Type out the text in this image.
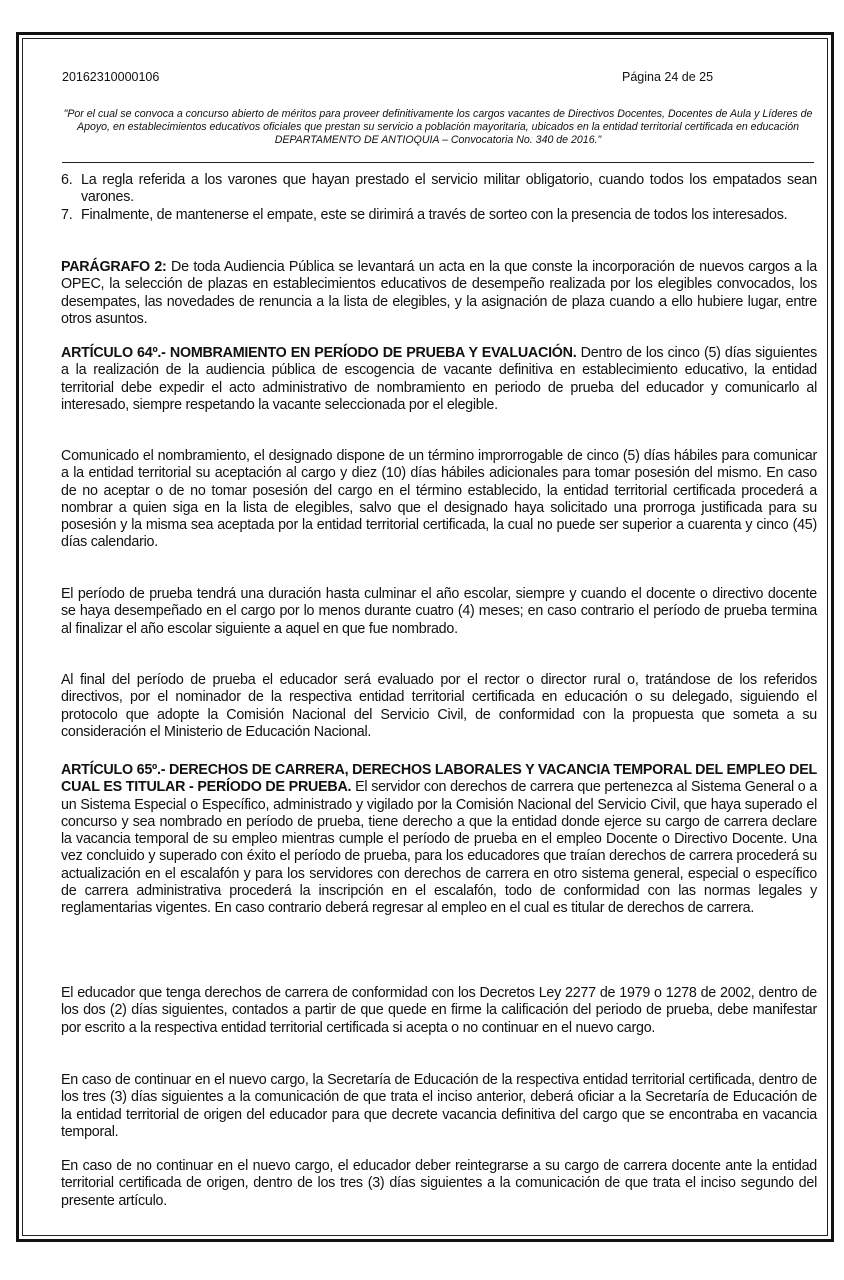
20162310000106	Página 24 de 25
"Por el cual se convoca a concurso abierto de méritos para proveer definitivamente los cargos vacantes de Directivos Docentes, Docentes de Aula y Líderes de Apoyo, en establecimientos educativos oficiales que prestan su servicio a población mayoritaria, ubicados en la entidad territorial certificada en educación DEPARTAMENTO DE ANTIOQUIA – Convocatoria No. 340 de 2016."
6. La regla referida a los varones que hayan prestado el servicio militar obligatorio, cuando todos los empatados sean varones.
7. Finalmente, de mantenerse el empate, este se dirimirá a través de sorteo con la presencia de todos los interesados.
PARÁGRAFO 2: De toda Audiencia Pública se levantará un acta en la que conste la incorporación de nuevos cargos a la OPEC, la selección de plazas en establecimientos educativos de desempeño realizada por los elegibles convocados, los desempates, las novedades de renuncia a la lista de elegibles, y la asignación de plaza cuando a ello hubiere lugar, entre otros asuntos.
ARTÍCULO 64º.- NOMBRAMIENTO EN PERÍODO DE PRUEBA Y EVALUACIÓN. Dentro de los cinco (5) días siguientes a la realización de la audiencia pública de escogencia de vacante definitiva en establecimiento educativo, la entidad territorial debe expedir el acto administrativo de nombramiento en periodo de prueba del educador y comunicarlo al interesado, siempre respetando la vacante seleccionada por el elegible.
Comunicado el nombramiento, el designado dispone de un término improrrogable de cinco (5) días hábiles para comunicar a la entidad territorial su aceptación al cargo y diez (10) días hábiles adicionales para tomar posesión del mismo. En caso de no aceptar o de no tomar posesión del cargo en el término establecido, la entidad territorial certificada procederá a nombrar a quien siga en la lista de elegibles, salvo que el designado haya solicitado una prorroga justificada para su posesión y la misma sea aceptada por la entidad territorial certificada, la cual no puede ser superior a cuarenta y cinco (45) días calendario.
El período de prueba tendrá una duración hasta culminar el año escolar, siempre y cuando el docente o directivo docente se haya desempeñado en el cargo por lo menos durante cuatro (4) meses; en caso contrario el período de prueba termina al finalizar el año escolar siguiente a aquel en que fue nombrado.
Al final del período de prueba el educador será evaluado por el rector o director rural o, tratándose de los referidos directivos, por el nominador de la respectiva entidad territorial certificada en educación o su delegado, siguiendo el protocolo que adopte la Comisión Nacional del Servicio Civil, de conformidad con la propuesta que someta a su consideración el Ministerio de Educación Nacional.
ARTÍCULO 65º.- DERECHOS DE CARRERA, DERECHOS LABORALES Y VACANCIA TEMPORAL DEL EMPLEO DEL CUAL ES TITULAR - PERÍODO DE PRUEBA. El servidor con derechos de carrera que pertenezca al Sistema General o a un Sistema Especial o Específico, administrado y vigilado por la Comisión Nacional del Servicio Civil, que haya superado el concurso y sea nombrado en período de prueba, tiene derecho a que la entidad donde ejerce su cargo de carrera declare la vacancia temporal de su empleo mientras cumple el período de prueba en el empleo Docente o Directivo Docente. Una vez concluido y superado con éxito el período de prueba, para los educadores que traían derechos de carrera procederá su actualización en el escalafón y para los servidores con derechos de carrera en otro sistema general, especial o específico de carrera administrativa procederá la inscripción en el escalafón, todo de conformidad con las normas legales y reglamentarias vigentes. En caso contrario deberá regresar al empleo en el cual es titular de derechos de carrera.
El educador que tenga derechos de carrera de conformidad con los Decretos Ley 2277 de 1979 o 1278 de 2002, dentro de los dos (2) días siguientes, contados a partir de que quede en firme la calificación del periodo de prueba, debe manifestar por escrito a la respectiva entidad territorial certificada si acepta o no continuar en el nuevo cargo.
En caso de continuar en el nuevo cargo, la Secretaría de Educación de la respectiva entidad territorial certificada, dentro de los tres (3) días siguientes a la comunicación de que trata el inciso anterior, deberá oficiar a la Secretaría de Educación de la entidad territorial de origen del educador para que decrete vacancia definitiva del cargo que se encontraba en vacancia temporal.
En caso de no continuar en el nuevo cargo, el educador deber reintegrarse a su cargo de carrera docente ante la entidad territorial certificada de origen, dentro de los tres (3) días siguientes a la comunicación de que trata el inciso segundo del presente artículo.
